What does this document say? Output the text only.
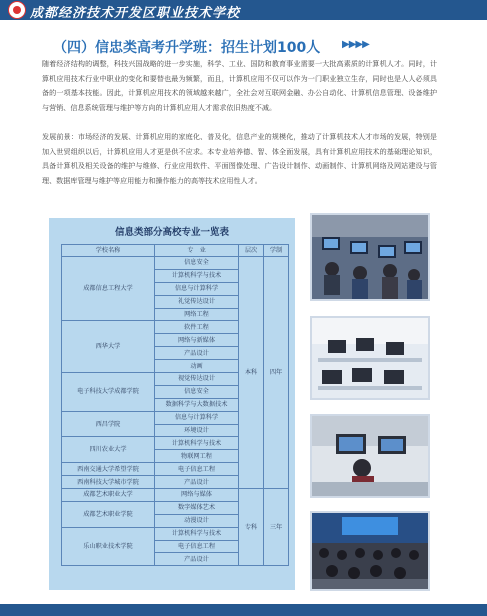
成都经济技术开发区职业技术学校
（四）信忠类高考升学班：招生计划100人 ▶▶▶▶
随着经济结构的调整，科技兴国战略的进一步实施，科学、工业、国防和教育事业需要一大批高素质的计算机人才。同时，计算机应用技术行业中职业的变化和要替也最为频繁，而且，计算机应用不仅可以作为一门职业独立生存，同时也是人人必须具备的一项基本技能。因此，计算机应用技术的领域越来越广，全社会对互联网金融、办公自动化、计算机信息管理、设备维护与营销、信息系统管理与维护等方向的计算机应用人才需求依旧热度不减。
发展前景：市场经济的发展、计算机应用的家庭化、普及化，信息产业的规模化，推动了计算机技术人才市场的发展，特别是加入世贸组织以后，计算机应用人才更是供不应求。本专业培养德、智、体全面发展，具有计算机应用技术的基础理论知识，具备计算机及相关设备的维护与维修、行业应用软件、平面图像处理、广告设计制作、动画制作、计算机网络及网站建设与管理、数据库管理与维护等应用能力和操作能力的高等技术应用性人才。
信息类部分高校专业一览表
学校名称	专　业	层次	学制
成都信息工程大学	信息安全	本科	四年
	计算机科学与技术		
	信息与计算科学		
	礼觉传达设计		
	网络工程		
西华大学	软件工程		
	网络与新媒体		
	产品设计		
	动画		
电子科技大学成都学院	视觉传达设计		
	信息安全		
	数据科学与大数据技术		
西昌学院	信息与计算科学		
	环境设计		
四川农业大学	计算机科学与技术		
	物联网工程		
西南交通大学希望学院	电子信息工程		
西南科技大学城市学院	产品设计		
成都艺术职业大学	网络与媒体	专科	三年
成都艺术职业学院	数字媒体艺术		
	动漫设计		
乐山职业技术学院	计算机科学与技术		
	电子信息工程		
	产品设计		
